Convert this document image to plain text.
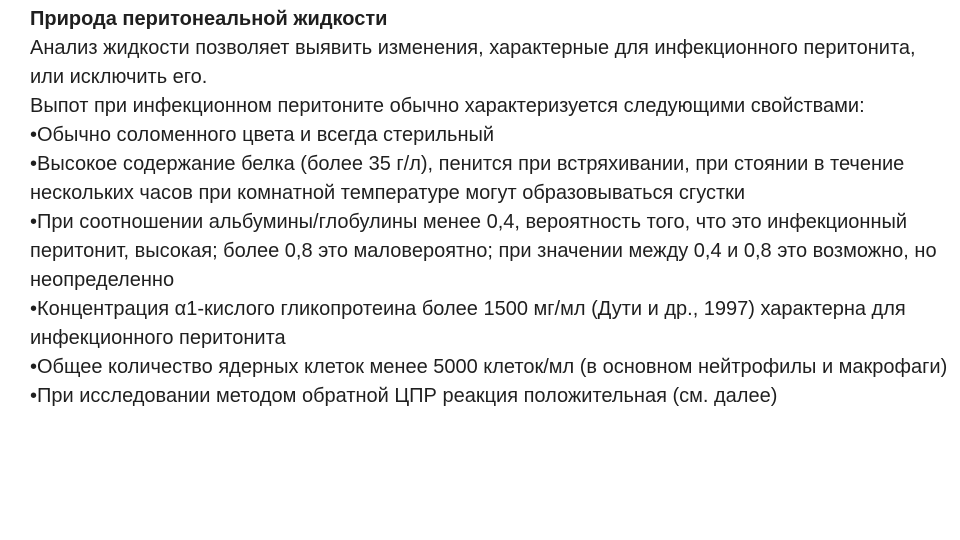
Природа перитонеальной жидкости

Анализ жидкости позволяет выявить изменения, характерные для инфекционного перитонита, или исключить его.

Выпот при инфекционном перитоните обычно характеризуется следующими свойствами:

•Обычно соломенного цвета и всегда стерильный

•Высокое содержание белка (более 35 г/л), пенится при встряхивании, при стоянии в течение нескольких часов при комнатной температуре могут образовываться сгустки

•При соотношении альбумины/глобулины менее 0,4, вероятность того, что это инфекционный перитонит, высокая; более 0,8 это маловероятно; при значении между 0,4 и 0,8 это возможно, но неопределенно

•Концентрация α1-кислого гликопротеина более 1500 мг/мл (Дути и др., 1997) характерна для инфекционного перитонита

•Общее количество ядерных клеток менее 5000 клеток/мл (в основном нейтрофилы и макрофаги)

•При исследовании методом обратной ЦПР реакция положительная (см. далее)
